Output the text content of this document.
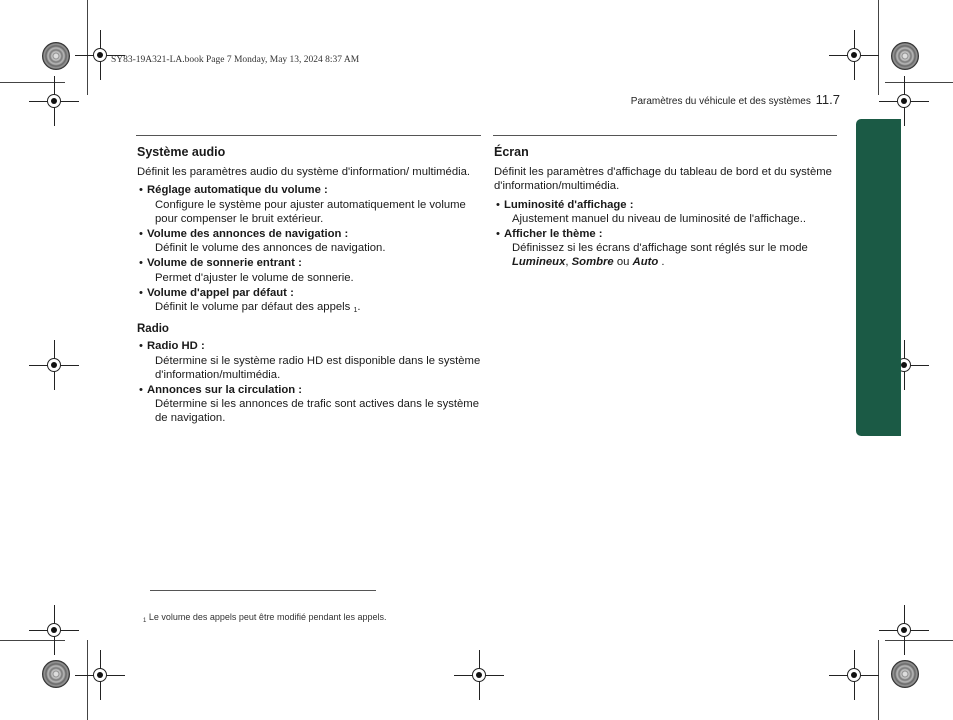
SY83-19A321-LA.book Page 7 Monday, May 13, 2024 8:37 AM
Paramètres du véhicule et des systèmes 11.7
Système audio

Définit les paramètres audio du système d'information/ multimédia.

• Réglage automatique du volume :
Configure le système pour ajuster automatiquement le volume pour compenser le bruit extérieur.
• Volume des annonces de navigation :
Définit le volume des annonces de navigation.
• Volume de sonnerie entrant :
Permet d'ajuster le volume de sonnerie.
• Volume d'appel par défaut :
Définit le volume par défaut des appels 1.
Radio
• Radio HD :
Détermine si le système radio HD est disponible dans le système d'information/multimédia.
• Annonces sur la circulation :
Détermine si les annonces de trafic sont actives dans le système de navigation.
Écran

Définit les paramètres d'affichage du tableau de bord et du système d'information/multimédia.

• Luminosité d'affichage :
Ajustement manuel du niveau de luminosité de l'affichage..
• Afficher le thème :
Définissez si les écrans d'affichage sont réglés sur le mode Lumineux, Sombre ou Auto .
$_1$ Le volume des appels peut être modifié pendant les appels.
